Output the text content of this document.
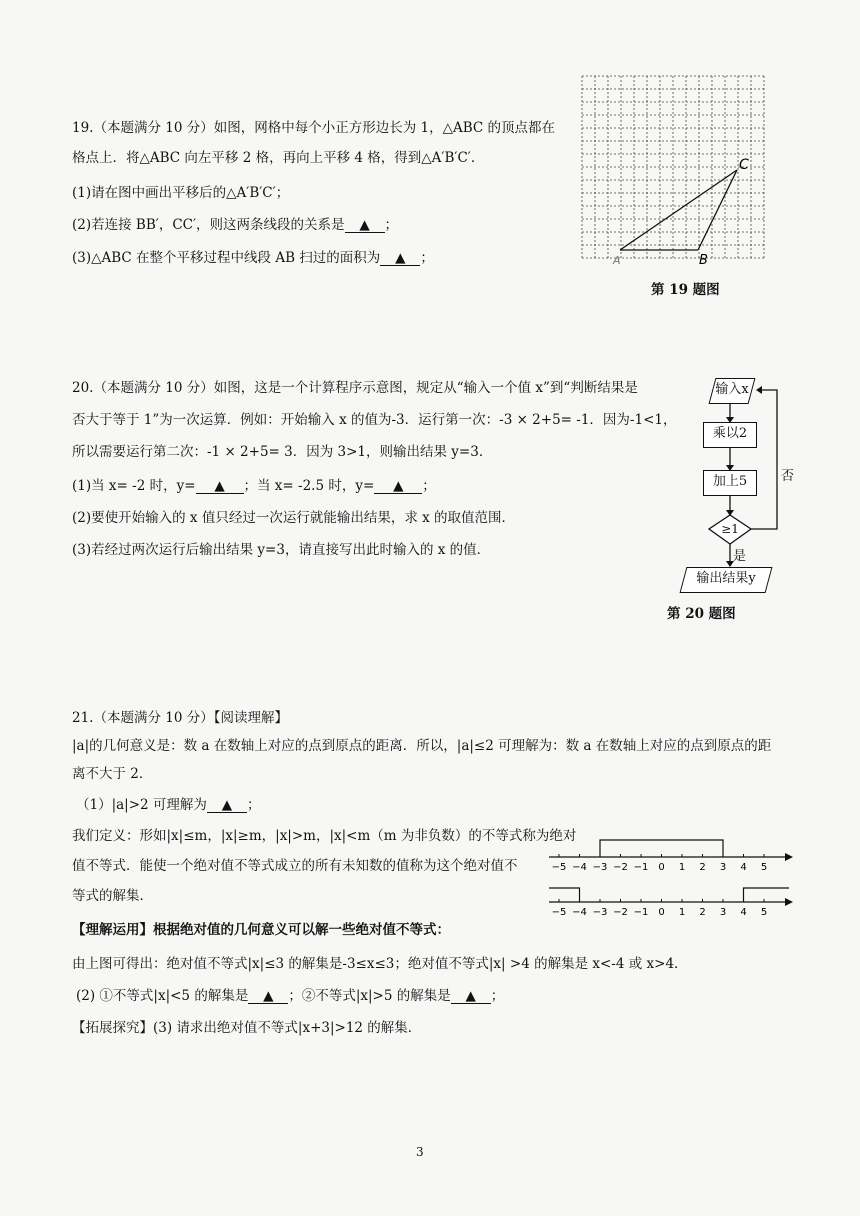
19.（本题满分 10 分）如图，网格中每个小正方形边长为 1，△ABC 的顶点都在
格点上．将△ABC 向左平移 2 格，再向上平移 4 格，得到△A′B′C′．
(1)请在图中画出平移后的△A′B′C′；
(2)若连接 BB′，CC′，则这两条线段的关系是 ▲ ；
(3)△ABC 在整个平移过程中线段 AB 扫过的面积为 ▲ ；
C
B
A
第 19 题图
20.（本题满分 10 分）如图，这是一个计算程序示意图，规定从“输入一个值 x”到“判断结果是
否大于等于 1”为一次运算．例如：开始输入 x 的值为-3．运行第一次：-3 × 2+5= -1．因为-1<1，
所以需要运行第二次：-1 × 2+5= 3．因为 3>1，则输出结果 y=3．
(1)当 x= -2 时，y= ▲ ；当 x= -2.5 时，y= ▲ ；
(2)要使开始输入的 x 值只经过一次运行就能输出结果，求 x 的取值范围．
(3)若经过两次运行后输出结果 y=3，请直接写出此时输入的 x 的值．
输入x
乘以2
加上5
≥1
否
是
输出结果y
第 20 题图
21.（本题满分 10 分）【阅读理解】
|a|的几何意义是：数 a 在数轴上对应的点到原点的距离．所以，|a|≤2 可理解为：数 a 在数轴上对应的点到原点的距
离不大于 2．
（1）|a|>2 可理解为 ▲ ；
我们定义：形如|x|≤m，|x|≥m，|x|>m，|x|<m（m 为非负数）的不等式称为绝对
值不等式．能使一个绝对值不等式成立的所有未知数的值称为这个绝对值不
等式的解集．
−5 −4 −3 −2 −1 0 1 2 3 4 5
−5 −4 −3 −2 −1 0 1 2 3 4 5
【理解运用】根据绝对值的几何意义可以解一些绝对值不等式：
由上图可得出：绝对值不等式|x|≤3 的解集是-3≤x≤3；绝对值不等式|x| >4 的解集是 x<-4 或 x>4．
(2) ①不等式|x|<5 的解集是 ▲ ；②不等式|x|>5 的解集是 ▲ ；
【拓展探究】(3) 请求出绝对值不等式|x+3|>12 的解集．
3
